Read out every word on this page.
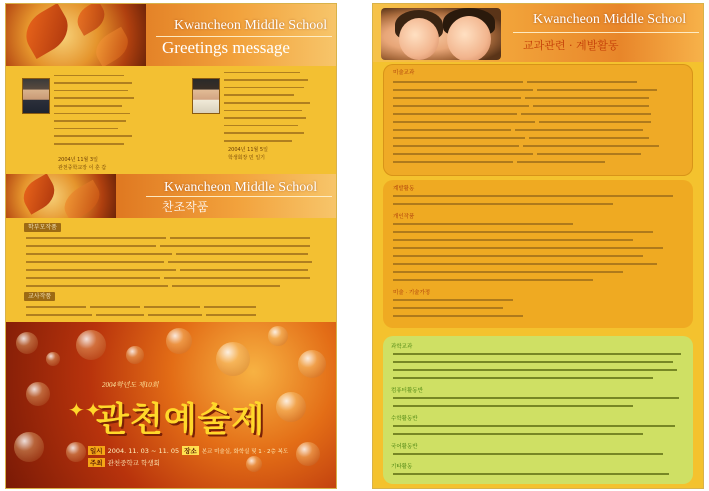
Kwancheon Middle School
Greetings message
2004년 11월 3일
관천중학교장 이 훈 갑
2004년 11월 5일
학생회장 민 일기
Kwancheon Middle School
찬조작품
학부모작품
교사작품
2004학년도 제10회
✦✦
관천예술제
일시 2004. 11. 03 ~ 11. 05 장소 본교 미술실, 화학실 및 1 · 2층 복도
주최 관천중학교 학생회
Kwancheon Middle School
교과관련 · 계발활동
미술교과
계발활동
개인작품
미술 · 기술가정
과학교과
컴퓨터활동반
수학활동반
국어활동반
기타활동
